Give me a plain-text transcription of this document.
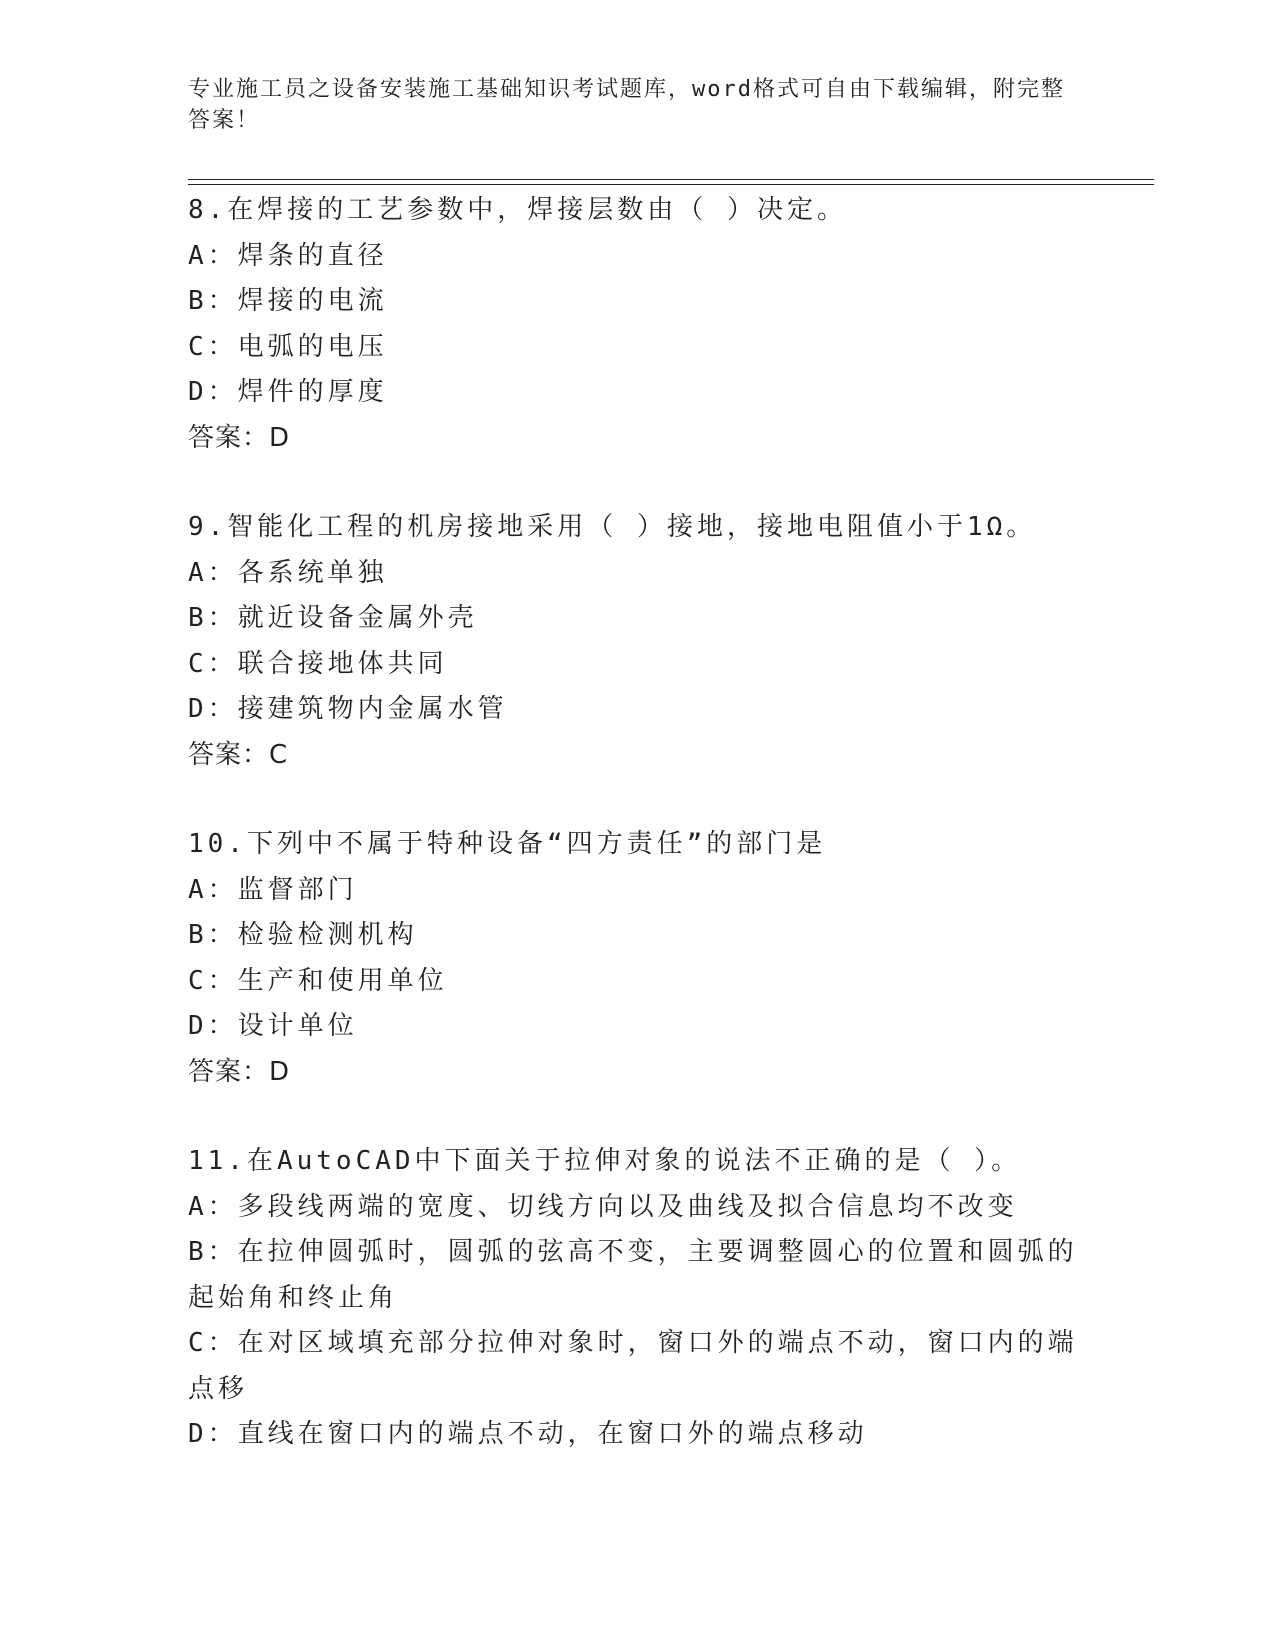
专业施工员之设备安装施工基础知识考试题库，word格式可自由下载编辑，附完整答案！

8.在焊接的工艺参数中，焊接层数由（ ）决定。

A：焊条的直径

B：焊接的电流

C：电弧的电压

D：焊件的厚度

答案：D

9.智能化工程的机房接地采用（ ）接地，接地电阻值小于1Ω。

A：各系统单独

B：就近设备金属外壳

C：联合接地体共同

D：接建筑物内金属水管

答案：C

10.下列中不属于特种设备“四方责任”的部门是

A：监督部门

B：检验检测机构

C：生产和使用单位

D：设计单位

答案：D

11.在AutoCAD中下面关于拉伸对象的说法不正确的是（ ）。

A：多段线两端的宽度、切线方向以及曲线及拟合信息均不改变

B：在拉伸圆弧时，圆弧的弦高不变，主要调整圆心的位置和圆弧的起始角和终止角

C：在对区域填充部分拉伸对象时，窗口外的端点不动，窗口内的端点移

D：直线在窗口内的端点不动，在窗口外的端点移动
